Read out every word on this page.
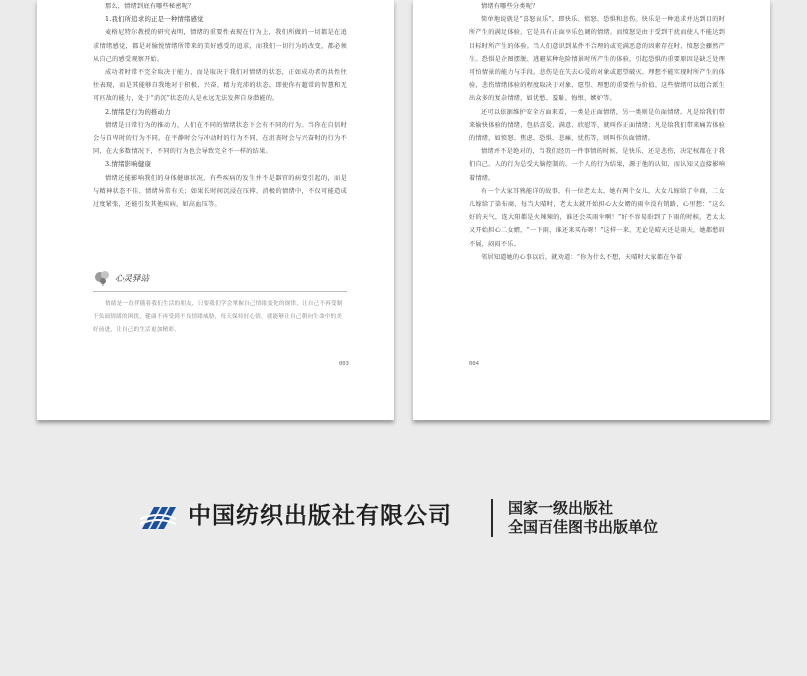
那么，情绪到底有哪些秘密呢？

1.我们所追求的正是一种情绪感觉

麦格尼特尔教授的研究表明，情绪的重要性表现在行为上，我们所做的一切都是在追求情绪感觉，都是对愉悦情绪所带来的美好感受的追求，而我们一切行为的改变，都必须从自己的感受观察开始。

成功者时常不完全取决于能力，而是取决于我们对情绪的状态，正如成功者的共性往往表现，而是其能够自我地对于积极、兴奋、精力充沛的状态。即使你有超常的智慧和无可匹敌的能力，处于“消沉”状态的人是永远无法发挥自身潜能的。

2.情绪是行为的推动力

情绪是日常行为的推动力，人们在不同的情绪状态下会有不同的行为。当你在自信时会与自卑时的行为不同，在平静时会与冲动时的行为不同，在沮丧时会与兴奋时的行为不同，在大多数情况下，不同的行为也会导致完全不一样的结果。

3.情绪影响健康

情绪还能影响我们的身体健康状况，有些疾病的发生并不是器官的病变引起的，而是与精神状态不佳、情绪异常有关；如果长时间沉浸在压抑、消极的情绪中，不仅可能造成过度紧张，还能引发其他疾病，如高血压等。

心灵驿站

情绪是一直伴随着我们生活的朋友，只要我们学会掌握自己情绪变化的规律，让自己不再受制于负面情绪的困扰，健康不再受到不良情绪威胁，每天保持好心情，就能够让自己朝向生命中的美好前进，让自己的生活更加精彩。

003

情绪有哪些分类呢？

简单地说就是“喜怒哀乐”，即快乐、愤怒、恐惧和悲伤。快乐是一种追求并达到目的时所产生的满足体验，它是具有正面享乐色调的情绪。而愤怒是由于受到干扰而使人不能达到目标时所产生的体验。当人们意识到某件不合理的或充满恶意的因素存在时，愤怒会骤然产生。恐惧是企图摆脱、逃避某种危险情景时所产生的体验，引起恐惧的重要原因是缺乏处理可怕情景的能力与手段。悲伤是在失去心爱的对象或愿望破灭、理想不能实现时所产生的体验，悲伤情绪体验的程度取决于对象、愿望、理想的重要性与价值。这些情绪可以组合派生出众多的复杂情绪，如优愁、羞耻、悔恨、嫉妒等。

还可以依据维护安全方面来看，一类是正面情绪，另一类则是负面情绪。凡是给我们带来愉快体验的情绪，包括喜爱、满意、欣慰等，就叫作正面情绪；凡是给我们带来痛苦体验的情绪，如愤怒、焦虑、恐惧、悲痛、忧伤等，则叫作负面情绪。

情绪并不是绝对的，当我们经历一件事情的时候，是快乐、还是悲伤，决定权都在于我们自己。人的行为总受大脑控制的，一个人的行为结果，源于他的认知，而认知又直接影响着情绪。

有一个大家耳熟能详的故事，有一位老太太，她有两个女儿，大女儿嫁给了伞商，二女儿嫁给了染布商，每当大晴时，老太太就开始担心大女婿的雨伞没有销路，心里想：“这么好的天气，连大阳都是火辣辣的，谁还会买雨伞啊！”好不容易盼到了下雨的时候，老太太又开始担心二女婿，“一下雨，谁还来买布呀！”这样一来，无论是晴天还是雨天，她都愁眉不展，闷闷不乐。

邻居知道她的心事以后，就劝道：“你为什么不想，天晴时大家都在争着

004
中国纺织出版社有限公司	国家一级出版社
全国百佳图书出版单位
